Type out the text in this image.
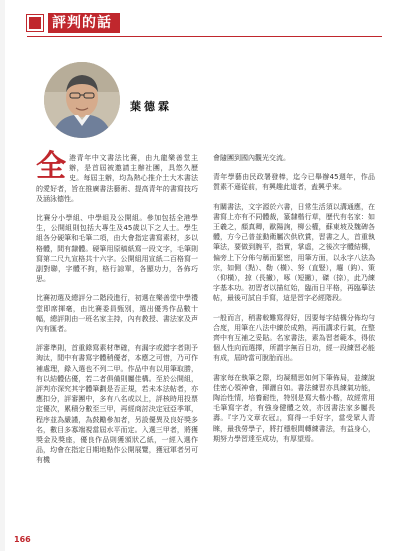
評判的話
葉德霖

全港青年中文書法比賽，由九龍樂善堂主辦，是首屆被邀請主辦社團，具悠久歷史。每屆主辦，均為熱心推介土大木書法的愛好者，旨在推廣書法藝術、提高青年的書寫技巧及涵泳德性。

比賽分小學組、中學組及公開組。參加包括全港學生，公開組則包括大專生及45歲以下之人士。學生組各分硬筆和毛筆二項，由大會指定書寫素材，多以格體，間有隸體。硬筆用原稿紙寫一段文字，毛筆則寫第二尺九宣格共十六字。公開組用宣紙二百格寫一副對聯，字體不拘，格行諒單，各顯功力，各佈巧思。

比賽初選及總評分二階段進行，初選在樂善堂中學禮堂即席揮毫，由比賽委員甄別，選出優秀作品數十幅，總評則由一班名家主持，內有教授、書法家及声內有匯者。

評審準則，首重錄寫素材準確，有漏字或錯字者則予淘汰，閒中有書寫字體稍優者，本應之可惜，乃可作補處理，錄入選也不列二甲。作品中有以用筆取勝，有以結體佔優，若二者俱備則屬佳構。至於公開組，評判亦深究其字體筆劃是否正規，若未本法帖者，亦應扣分，評審團中，多有八名或以上，評核時用投票定優次，累積分數至三甲，再經商討決定冠亞季軍，程序並為嚴謹，為鼓勵參加者，另設優異及良好獎多名，數目多寡端視當屆水平而定。入選三甲者，將獲獎金及獎座，優良作品則獲頒狀乙紙，一經入選作品，均會在指定日期地點作公開展覽，獲冠軍者另可有機

會隨團到國內觀光交流。

青年學藝由民政署發棒，迄今已舉辦45週年，作品質素不遜從前，有興趣此道者，盍興乎來。

有關書法，文字源於六書，日常生活須以溝通應，在書寫上亦有不同體裁，篆隸楷行草，歷代有名家：如王羲之，顏真卿，歐陽詢，柳公權，蘇東坡及魏碑各體，方今己普並動衛屬次供欣賞，習書之人，首重執筆法，要做到腕平，指實，掌虛，之後次字體結構，偏旁上下分佈勻稱而緊密，用筆方面，以永字八法為宗，如側（點）、勒（橫）、努（直豎），趯（鈎）、策（仰橫），掠（長撇），啄（短撇），磔（捺），此乃練字基本功。初習者以描紅始，臨而日平格，再臨摹法帖，最後可試自手寫，這是習字必經階段。

一般而言，稍書較難寫得好，因要每字結構分佈均勻合度，用筆在八法中練於成熟，再而講求行氣，在整齊中有互補之妥貼。名家書法，素為習者範本，得依個人性向而選擇，所謂字無百日功，經一段練習必能有成，屆時當可脫胎而出。

書家每在執筆之際，均凝精思如何下筆佈局，並練說佳密心領神會，揮灑自如。書法練習亦具練氣功能，陶治性情，培養耐性，特別是寫大楷小楷，故經常用毛筆寫字者，有強身健體之效，亦因書法家多屬長壽。『字乃文章衣冠』，寫得一手好字，當受眾人青睞，最我勞學子，將打穩根間轉練書法，有益身心，期努力學習達至成功，有厚望焉。

166
